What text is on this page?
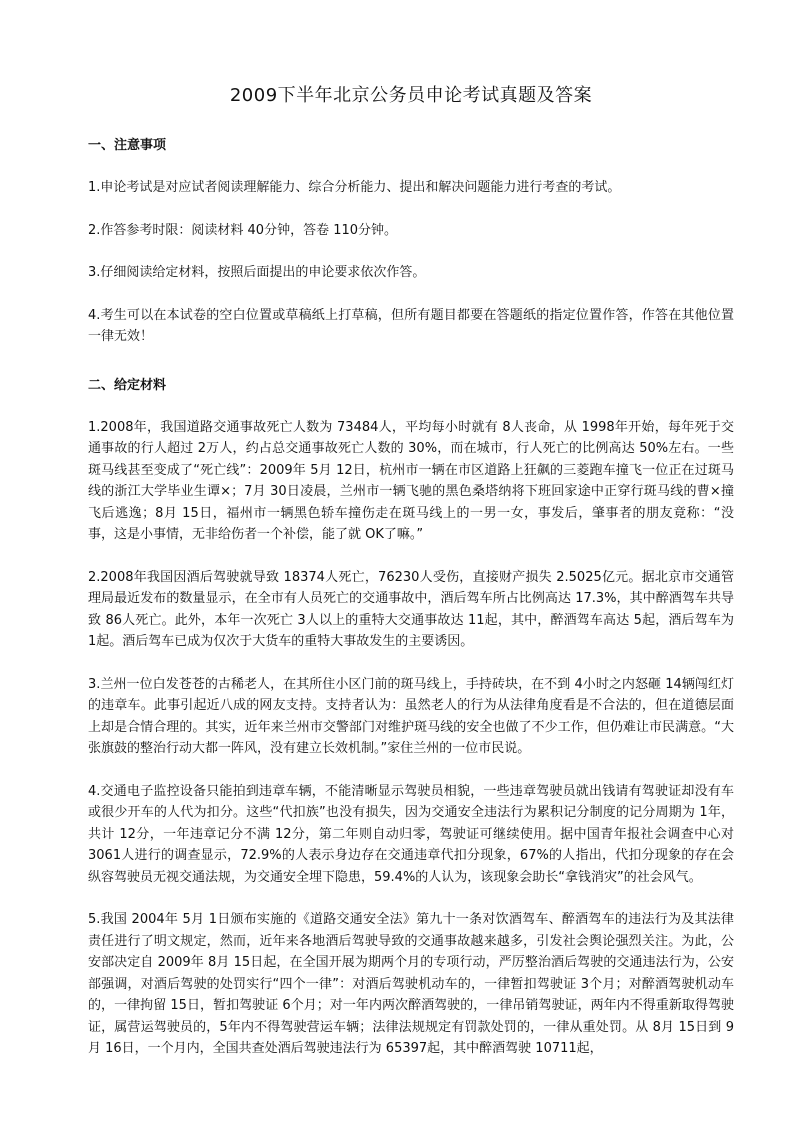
2009下半年北京公务员申论考试真题及答案
一、注意事项

1.申论考试是对应试者阅读理解能力、综合分析能力、提出和解决问题能力进行考查的考试。

2.作答参考时限：阅读材料 40分钟，答卷 110分钟。

3.仔细阅读给定材料，按照后面提出的申论要求依次作答。

4.考生可以在本试卷的空白位置或草稿纸上打草稿，但所有题目都要在答题纸的指定位置作答，作答在其他位置一律无效！

二、给定材料

1.2008年，我国道路交通事故死亡人数为 73484人，平均每小时就有 8人丧命，从 1998年开始，每年死于交通事故的行人超过 2万人，约占总交通事故死亡人数的 30%，而在城市，行人死亡的比例高达 50%左右。一些斑马线甚至变成了“死亡线”：2009年 5月 12日，杭州市一辆在市区道路上狂飙的三菱跑车撞飞一位正在过斑马线的浙江大学毕业生谭×；7月 30日凌晨，兰州市一辆飞驰的黑色桑塔纳将下班回家途中正穿行斑马线的曹×撞飞后逃逸；8月 15日，福州市一辆黑色轿车撞伤走在斑马线上的一男一女，事发后，肇事者的朋友竟称：“没事，这是小事情，无非给伤者一个补偿，能了就 OK了嘛。”

2.2008年我国因酒后驾驶就导致 18374人死亡，76230人受伤，直接财产损失 2.5025亿元。据北京市交通管理局最近发布的数量显示，在全市有人员死亡的交通事故中，酒后驾车所占比例高达 17.3%，其中醉酒驾车共导致 86人死亡。此外，本年一次死亡 3人以上的重特大交通事故达 11起，其中，醉酒驾车高达 5起，酒后驾车为 1起。酒后驾车已成为仅次于大货车的重特大事故发生的主要诱因。

3.兰州一位白发苍苍的古稀老人，在其所住小区门前的斑马线上，手持砖块，在不到 4小时之内怒砸 14辆闯红灯的违章车。此事引起近八成的网友支持。支持者认为：虽然老人的行为从法律角度看是不合法的，但在道德层面上却是合情合理的。其实，近年来兰州市交警部门对维护斑马线的安全也做了不少工作，但仍难让市民满意。“大张旗鼓的整治行动大都一阵风，没有建立长效机制。”家住兰州的一位市民说。

4.交通电子监控设备只能拍到违章车辆，不能清晰显示驾驶员相貌，一些违章驾驶员就出钱请有驾驶证却没有车或很少开车的人代为扣分。这些“代扣族”也没有损失，因为交通安全违法行为累积记分制度的记分周期为 1年，共计 12分，一年违章记分不满 12分，第二年则自动归零，驾驶证可继续使用。据中国青年报社会调查中心对 3061人进行的调查显示，72.9%的人表示身边存在交通违章代扣分现象，67%的人指出，代扣分现象的存在会纵容驾驶员无视交通法规，为交通安全埋下隐患，59.4%的人认为，该现象会助长“拿钱消灾”的社会风气。

5.我国 2004年 5月 1日颁布实施的《道路交通安全法》第九十一条对饮酒驾车、醉酒驾车的违法行为及其法律责任进行了明文规定，然而，近年来各地酒后驾驶导致的交通事故越来越多，引发社会舆论强烈关注。为此，公安部决定自 2009年 8月 15日起，在全国开展为期两个月的专项行动，严厉整治酒后驾驶的交通违法行为，公安部强调，对酒后驾驶的处罚实行“四个一律”：对酒后驾驶机动车的，一律暂扣驾驶证 3个月；对醉酒驾驶机动车的，一律拘留 15日，暂扣驾驶证 6个月；对一年内两次醉酒驾驶的，一律吊销驾驶证，两年内不得重新取得驾驶证，属营运驾驶员的，5年内不得驾驶营运车辆；法律法规规定有罚款处罚的，一律从重处罚。从 8月 15日到 9月 16日，一个月内，全国共查处酒后驾驶违法行为 65397起，其中醉酒驾驶 10711起，
